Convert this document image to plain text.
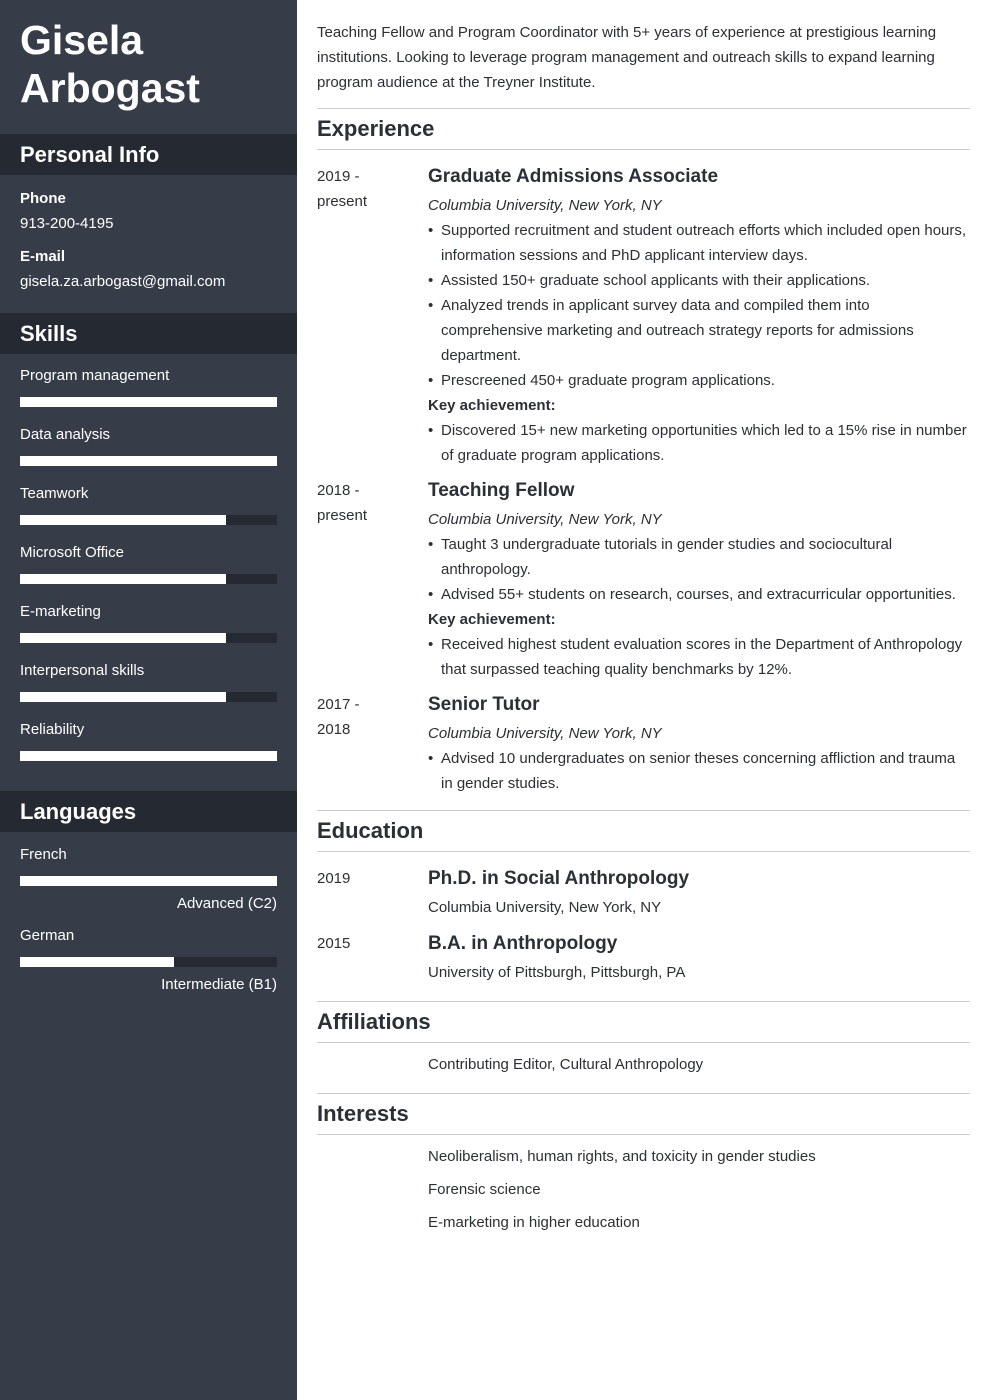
Gisela
Arbogast
Personal Info
Phone
913-200-4195
E-mail
gisela.za.arbogast@gmail.com
Skills
Program management
Data analysis
Teamwork
Microsoft Office
E-marketing
Interpersonal skills
Reliability
Languages
French
Advanced (C2)
German
Intermediate (B1)
Teaching Fellow and Program Coordinator with 5+ years of experience at prestigious learning institutions. Looking to leverage program management and outreach skills to expand learning program audience at the Treyner Institute.
Experience
2019 -
present
Graduate Admissions Associate
Columbia University, New York, NY
• Supported recruitment and student outreach efforts which included open hours, information sessions and PhD applicant interview days.
• Assisted 150+ graduate school applicants with their applications.
• Analyzed trends in applicant survey data and compiled them into comprehensive marketing and outreach strategy reports for admissions department.
• Prescreened 450+ graduate program applications.
Key achievement:
• Discovered 15+ new marketing opportunities which led to a 15% rise in number of graduate program applications.
2018 -
present
Teaching Fellow
Columbia University, New York, NY
• Taught 3 undergraduate tutorials in gender studies and sociocultural anthropology.
• Advised 55+ students on research, courses, and extracurricular opportunities.
Key achievement:
• Received highest student evaluation scores in the Department of Anthropology that surpassed teaching quality benchmarks by 12%.
2017 -
2018
Senior Tutor
Columbia University, New York, NY
• Advised 10 undergraduates on senior theses concerning affliction and trauma in gender studies.
Education
2019	Ph.D. in Social Anthropology
Columbia University, New York, NY
2015	B.A. in Anthropology
University of Pittsburgh, Pittsburgh, PA
Affiliations
Contributing Editor, Cultural Anthropology
Interests
Neoliberalism, human rights, and toxicity in gender studies
Forensic science
E-marketing in higher education
